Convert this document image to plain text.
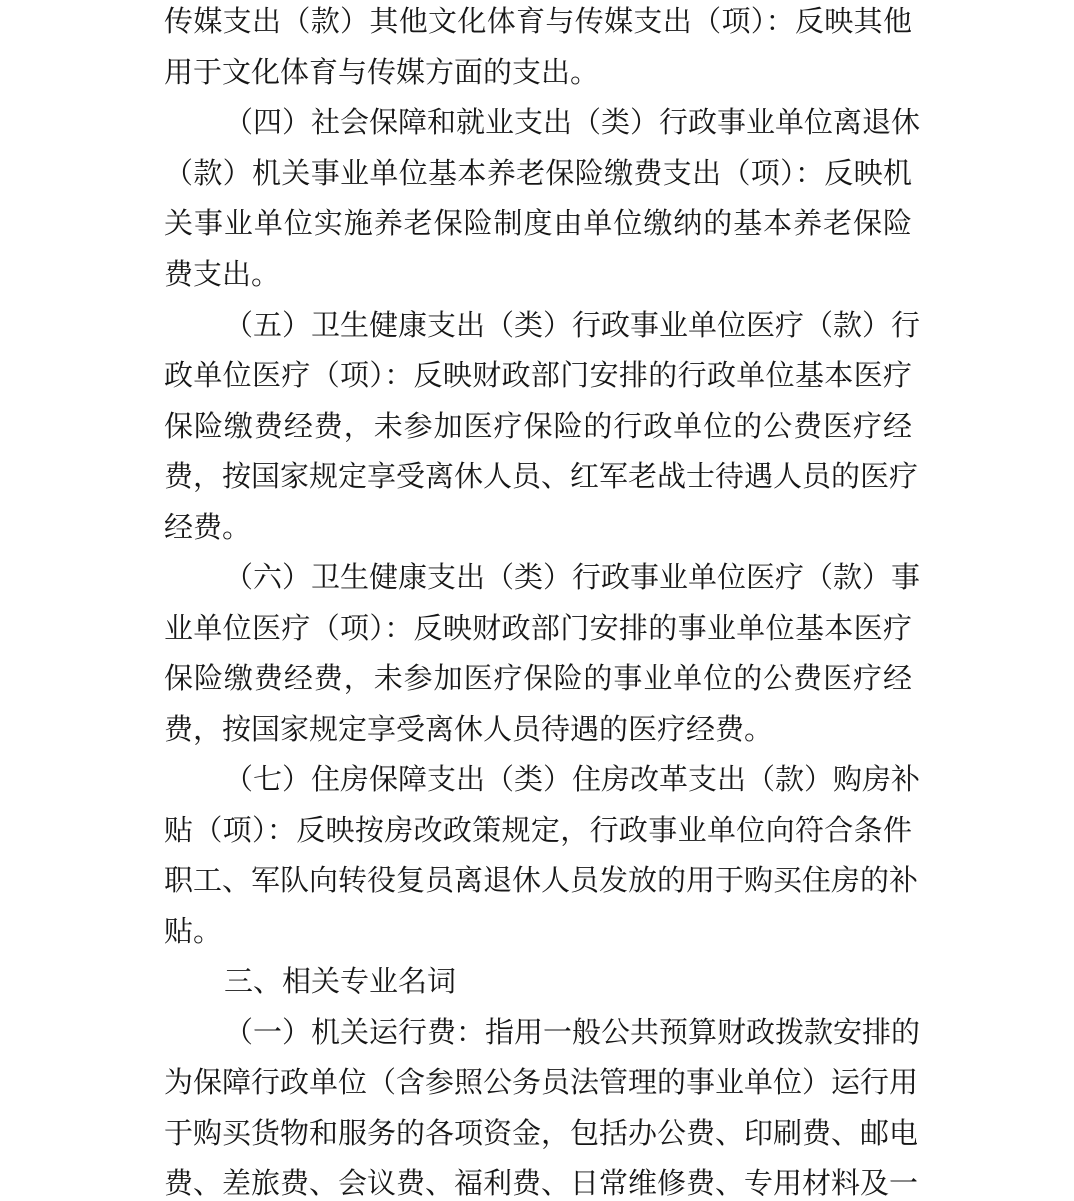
传媒支出（款）其他文化体育与传媒支出（项）：反映其他
用于文化体育与传媒方面的支出。
（四）社会保障和就业支出（类）行政事业单位离退休
（款）机关事业单位基本养老保险缴费支出（项）：反映机
关事业单位实施养老保险制度由单位缴纳的基本养老保险
费支出。
（五）卫生健康支出（类）行政事业单位医疗（款）行
政单位医疗（项）：反映财政部门安排的行政单位基本医疗
保险缴费经费，未参加医疗保险的行政单位的公费医疗经
费，按国家规定享受离休人员、红军老战士待遇人员的医疗
经费。
（六）卫生健康支出（类）行政事业单位医疗（款）事
业单位医疗（项）：反映财政部门安排的事业单位基本医疗
保险缴费经费，未参加医疗保险的事业单位的公费医疗经
费，按国家规定享受离休人员待遇的医疗经费。
（七）住房保障支出（类）住房改革支出（款）购房补
贴（项）：反映按房改政策规定，行政事业单位向符合条件
职工、军队向转役复员离退休人员发放的用于购买住房的补
贴。
三、相关专业名词
（一）机关运行费：指用一般公共预算财政拨款安排的
为保障行政单位（含参照公务员法管理的事业单位）运行用
于购买货物和服务的各项资金，包括办公费、印刷费、邮电
费、差旅费、会议费、福利费、日常维修费、专用材料及一
